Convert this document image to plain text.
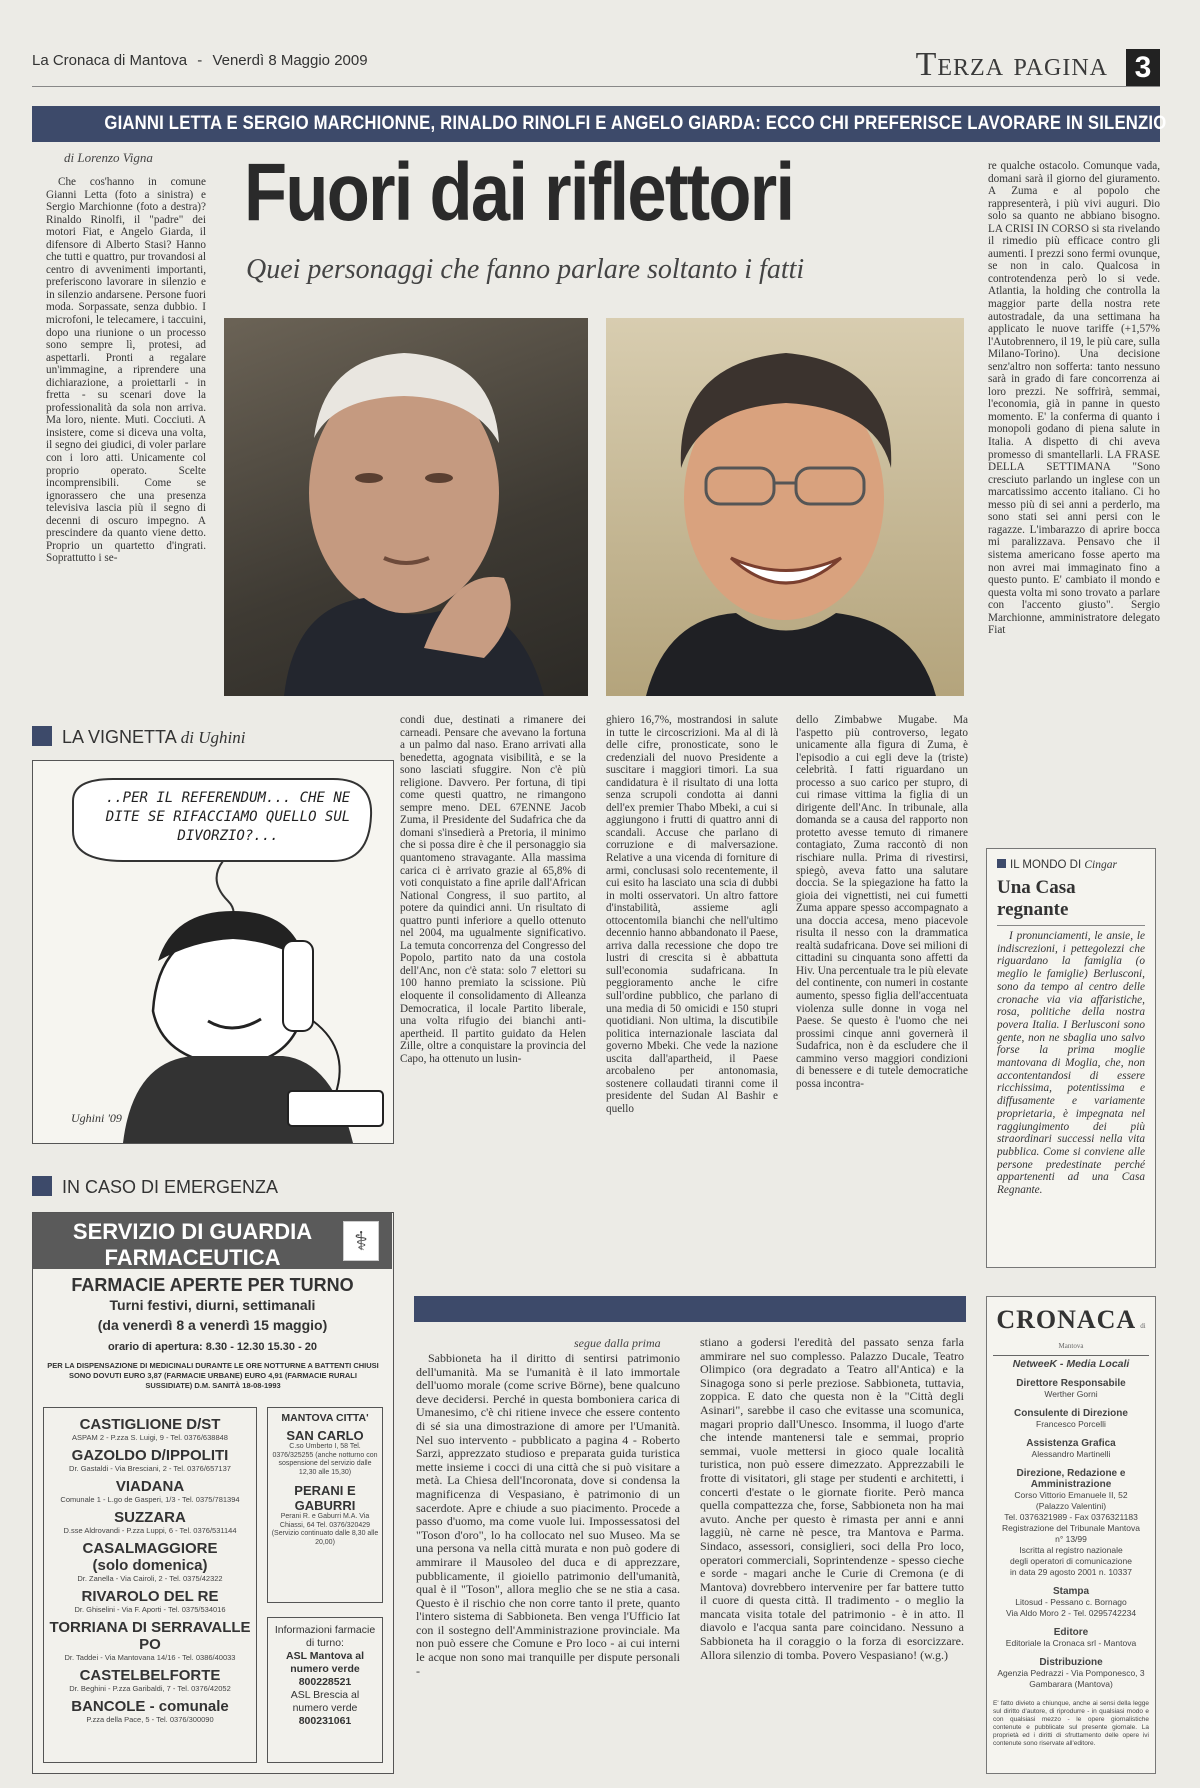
La Cronaca di Mantova - Venerdì 8 Maggio 2009	Terza pagina 3
GIANNI LETTA E SERGIO MARCHIONNE, RINALDO RINOLFI E ANGELO GIARDA: ECCO CHI PREFERISCE LAVORARE IN SILENZIO
di Lorenzo Vigna Fuori dai riflettori
Quei personaggi che fanno parlare soltanto i fatti
Che cos'hanno in comune Gianni Letta (foto a sinistra) e Sergio Marchionne (foto a destra)? Rinaldo Rinolfi, il "padre" dei motori Fiat, e Angelo Giarda, il difensore di Alberto Stasi? Hanno che tutti e quattro, pur trovandosi al centro di avvenimenti importanti, preferiscono lavorare in silenzio e in silenzio andarsene. Persone fuori moda. Sorpassate, senza dubbio. I microfoni, le telecamere, i taccuini, dopo una riunione o un processo sono sempre lì, protesi, ad aspettarli. Pronti a regalare un'immagine, a riprendere una dichiarazione, a proiettarli - in fretta - su scenari dove la professionalità da sola non arriva. Ma loro, niente. Muti. Cocciuti. A insistere, come si diceva una volta, il segno dei giudici, di voler parlare con i loro atti. Unicamente col proprio operato. Scelte incomprensibili. Come se ignorassero che una presenza televisiva lascia più il segno di decenni di oscuro impegno. A prescindere da quanto viene detto. Proprio un quartetto d'ingrati. Soprattutto i se-
condi due, destinati a rimanere dei carneadi. Pensare che avevano la fortuna a un palmo dal naso. Erano arrivati alla benedetta, agognata visibilità, e se la sono lasciati sfuggire. Non c'è più religione. Davvero. Per fortuna, di tipi come questi quattro, ne rimangono sempre meno. DEL 67ENNE Jacob Zuma, il Presidente del Sudafrica che da domani s'insedierà a Pretoria, il minimo che si possa dire è che il personaggio sia quantomeno stravagante. Alla massima carica ci è arrivato grazie al 65,8% di voti conquistato a fine aprile dall'African National Congress, il suo partito, al potere da quindici anni. Un risultato di quattro punti inferiore a quello ottenuto nel 2004, ma ugualmente significativo. La temuta concorrenza del Congresso del Popolo, partito nato da una costola dell'Anc, non c'è stata: solo 7 elettori su 100 hanno premiato la scissione. Più eloquente il consolidamento di Alleanza Democratica, il locale Partito liberale, una volta rifugio dei bianchi anti-apertheid. Il partito guidato da Helen Zille, oltre a conquistare la provincia del Capo, ha ottenuto un lusin-
ghiero 16,7%, mostrandosi in salute in tutte le circoscrizioni. Ma al di là delle cifre, pronosticate, sono le credenziali del nuovo Presidente a suscitare i maggiori timori. La sua candidatura è il risultato di una lotta senza scrupoli condotta ai danni dell'ex premier Thabo Mbeki, a cui si aggiungono i frutti di quattro anni di scandali. Accuse che parlano di corruzione e di malversazione. Relative a una vicenda di forniture di armi, conclusasi solo recentemente, il cui esito ha lasciato una scia di dubbi in molti osservatori. Un altro fattore d'instabilità, assieme agli ottocentomila bianchi che nell'ultimo decennio hanno abbandonato il Paese, arriva dalla recessione che dopo tre lustri di crescita si è abbattuta sull'economia sudafricana. In peggioramento anche le cifre sull'ordine pubblico, che parlano di una media di 50 omicidi e 150 stupri quotidiani. Non ultima, la discutibile politica internazionale lasciata dal governo Mbeki. Che vede la nazione uscita dall'apartheid, il Paese arcobaleno per antonomasia, sostenere collaudati tiranni come il presidente del Sudan Al Bashir e quello
dello Zimbabwe Mugabe. Ma l'aspetto più controverso, legato unicamente alla figura di Zuma, è l'episodio a cui egli deve la (triste) celebrità. I fatti riguardano un processo a suo carico per stupro, di cui rimase vittima la figlia di un dirigente dell'Anc. In tribunale, alla domanda se a causa del rapporto non protetto avesse temuto di rimanere contagiato, Zuma raccontò di non rischiare nulla. Prima di rivestirsi, spiegò, aveva fatto una salutare doccia. Se la spiegazione ha fatto la gioia dei vignettisti, nei cui fumetti Zuma appare spesso accompagnato a una doccia accesa, meno piacevole risulta il nesso con la drammatica realtà sudafricana. Dove sei milioni di cittadini su cinquanta sono affetti da Hiv. Una percentuale tra le più elevate del continente, con numeri in costante aumento, spesso figlia dell'accentuata violenza sulle donne in voga nel Paese. Se questo è l'uomo che nei prossimi cinque anni governerà il Sudafrica, non è da escludere che il cammino verso maggiori condizioni di benessere e di tutele democratiche possa incontra-
re qualche ostacolo. Comunque vada, domani sarà il giorno del giuramento. A Zuma e al popolo che rappresenterà, i più vivi auguri. Dio solo sa quanto ne abbiano bisogno. LA CRISI IN CORSO si sta rivelando il rimedio più efficace contro gli aumenti. I prezzi sono fermi ovunque, se non in calo. Qualcosa in controtendenza però lo si vede. Atlantia, la holding che controlla la maggior parte della nostra rete autostradale, da una settimana ha applicato le nuove tariffe (+1,57% l'Autobrennero, il 19, le più care, sulla Milano-Torino). Una decisione senz'altro non sofferta: tanto nessuno sarà in grado di fare concorrenza ai loro prezzi. Ne soffrirà, semmai, l'economia, già in panne in questo momento. E' la conferma di quanto i monopoli godano di piena salute in Italia. A dispetto di chi aveva promesso di smantellarli. LA FRASE DELLA SETTIMANA "Sono cresciuto parlando un inglese con un marcatissimo accento italiano. Ci ho messo più di sei anni a perderlo, ma sono stati sei anni persi con le ragazze. L'imbarazzo di aprire bocca mi paralizzava. Pensavo che il sistema americano fosse aperto ma non avrei mai immaginato fino a questo punto. E' cambiato il mondo e questa volta mi sono trovato a parlare con l'accento giusto". Sergio Marchionne, amministratore delegato Fiat
LA VIGNETTA di Ughini
..PER IL REFERENDUM... CHE NE DITE SE RIFACCIAMO QUELLO SUL DIVORZIO?...
Ughini '09
IN CASO DI EMERGENZA
SERVIZIO DI GUARDIA FARMACEUTICA
⚕
FARMACIE APERTE PER TURNO
Turni festivi, diurni, settimanali
(da venerdì 8 a venerdì 15 maggio)
orario di apertura: 8.30 - 12.30 15.30 - 20
PER LA DISPENSAZIONE DI MEDICINALI DURANTE LE ORE NOTTURNE A BATTENTI CHIUSI SONO DOVUTI EURO 3,87 (FARMACIE URBANE) EURO 4,91 (FARMACIE RURALI SUSSIDIATE) D.M. SANITÀ 18-08-1993
CASTIGLIONE D/ST
ASPAM 2 - P.zza S. Luigi, 9 - Tel. 0376/638848
GAZOLDO D/IPPOLITI
Dr. Gastaldi - Via Bresciani, 2 - Tel. 0376/657137
VIADANA
Comunale 1 - L.go de Gasperi, 1/3 - Tel. 0375/781394
SUZZARA
D.sse Aldrovandi - P.zza Luppi, 6 - Tel. 0376/531144
CASALMAGGIORE
(solo domenica)
Dr. Zanella - Via Cairoli, 2 - Tel. 0375/42322
RIVAROLO DEL RE
Dr. Ghiselini - Via F. Aporti - Tel. 0375/534016
TORRIANA DI SERRAVALLE PO
Dr. Taddei - Via Mantovana 14/16 - Tel. 0386/40033
CASTELBELFORTE
Dr. Beghini - P.zza Garibaldi, 7 - Tel. 0376/42052
BANCOLE - comunale
P.zza della Pace, 5 - Tel. 0376/300090
MANTOVA CITTA'
SAN CARLO
C.so Umberto I, 58 Tel. 0376/325255 (anche notturno con sospensione del servizio dalle 12,30 alle 15,30)
PERANI E GABURRI
Perani R. e Gaburri M.A. Via Chiassi, 64 Tel. 0376/320429 (Servizio continuato dalle 8,30 alle 20,00)
Informazioni farmacie di turno:
ASL Mantova al numero verde
800228521
ASL Brescia al numero verde
800231061
segue dalla prima
Sabbioneta ha il diritto di sentirsi patrimonio dell'umanità. Ma se l'umanità è il lato immortale dell'uomo morale (come scrive Börne), bene qualcuno deve decidersi. Perché in questa bomboniera carica di Umanesimo, c'è chi ritiene invece che essere contento di sé sia una dimostrazione di amore per l'Umanità. Nel suo intervento - pubblicato a pagina 4 - Roberto Sarzi, apprezzato studioso e preparata guida turistica mette insieme i cocci di una città che si può visitare a metà. La Chiesa dell'Incoronata, dove si condensa la magnificenza di Vespasiano, è patrimonio di un sacerdote. Apre e chiude a suo piacimento. Procede a passo d'uomo, ma come vuole lui. Impossessatosi del "Toson d'oro", lo ha collocato nel suo Museo. Ma se una persona va nella città murata e non può godere di ammirare il Mausoleo del duca e di apprezzare, pubblicamente, il gioiello patrimonio dell'umanità, qual è il "Toson", allora meglio che se ne stia a casa. Questo è il rischio che non corre tanto il prete, quanto l'intero sistema di Sabbioneta. Ben venga l'Ufficio Iat con il sostegno dell'Amministrazione provinciale. Ma non può essere che Comune e Pro loco - ai cui interni le acque non sono mai tranquille per dispute personali -
stiano a godersi l'eredità del passato senza farla ammirare nel suo complesso. Palazzo Ducale, Teatro Olimpico (ora degradato a Teatro all'Antica) e la Sinagoga sono si perle preziose. Sabbioneta, tuttavia, zoppica. E dato che questa non è la "Città degli Asinari", sarebbe il caso che evitasse una scomunica, magari proprio dall'Unesco. Insomma, il luogo d'arte che intende mantenersi tale e semmai, proprio semmai, vuole mettersi in gioco quale località turistica, non può essere dimezzato. Apprezzabili le frotte di visitatori, gli stage per studenti e architetti, i concerti d'estate o le giornate fiorite. Però manca quella compattezza che, forse, Sabbioneta non ha mai avuto. Anche per questo è rimasta per anni e anni laggiù, nè carne nè pesce, tra Mantova e Parma. Sindaco, assessori, consiglieri, soci della Pro loco, operatori commerciali, Soprintendenze - spesso cieche e sorde - magari anche le Curie di Cremona (e di Mantova) dovrebbero intervenire per far battere tutto il cuore di questa città. Il tradimento - o meglio la mancata visita totale del patrimonio - è in atto. Il diavolo e l'acqua santa pare coincidano. Nessuno a Sabbioneta ha il coraggio o la forza di esorcizzare. Allora silenzio di tomba. Povero Vespasiano! (w.g.)
IL MONDO DI Cingar
Una Casa regnante
I pronunciamenti, le ansie, le indiscrezioni, i pettegolezzi che riguardano la famiglia (o meglio le famiglie) Berlusconi, sono da tempo al centro delle cronache via via affaristiche, rosa, politiche della nostra povera Italia. I Berlusconi sono gente, non ne sbaglia uno salvo forse la prima moglie mantovana di Moglia, che, non accontentandosi di essere ricchissima, potentissima e diffusamente e variamente proprietaria, è impegnata nel raggiungimento dei più straordinari successi nella vita pubblica. Come si conviene alle persone predestinate perché appartenenti ad una Casa Regnante.
CRONACA di Mantova
NetweeK - Media Locali
Direttore Responsabile
Werther Gorni
Consulente di Direzione
Francesco Porcelli
Assistenza Grafica
Alessandro Martinelli
Direzione, Redazione e Amministrazione
Corso Vittorio Emanuele II, 52
(Palazzo Valentini)
Tel. 0376321989 - Fax 0376321183
Registrazione del Tribunale Mantova
n° 13/99
Iscritta al registro nazionale
degli operatori di comunicazione
in data 29 agosto 2001 n. 10337
Stampa
Litosud - Pessano c. Bornago
Via Aldo Moro 2 - Tel. 0295742234
Editore
Editoriale la Cronaca srl - Mantova
Distribuzione
Agenzia Pedrazzi - Via Pomponesco, 3
Gambarara (Mantova)
E' fatto divieto a chiunque, anche ai sensi della legge sul diritto d'autore, di riprodurre - in qualsiasi modo e con qualsiasi mezzo - le opere giornalistiche contenute e pubblicate sul presente giornale. La proprietà ed i diritti di sfruttamento delle opere ivi contenute sono riservate all'editore.
